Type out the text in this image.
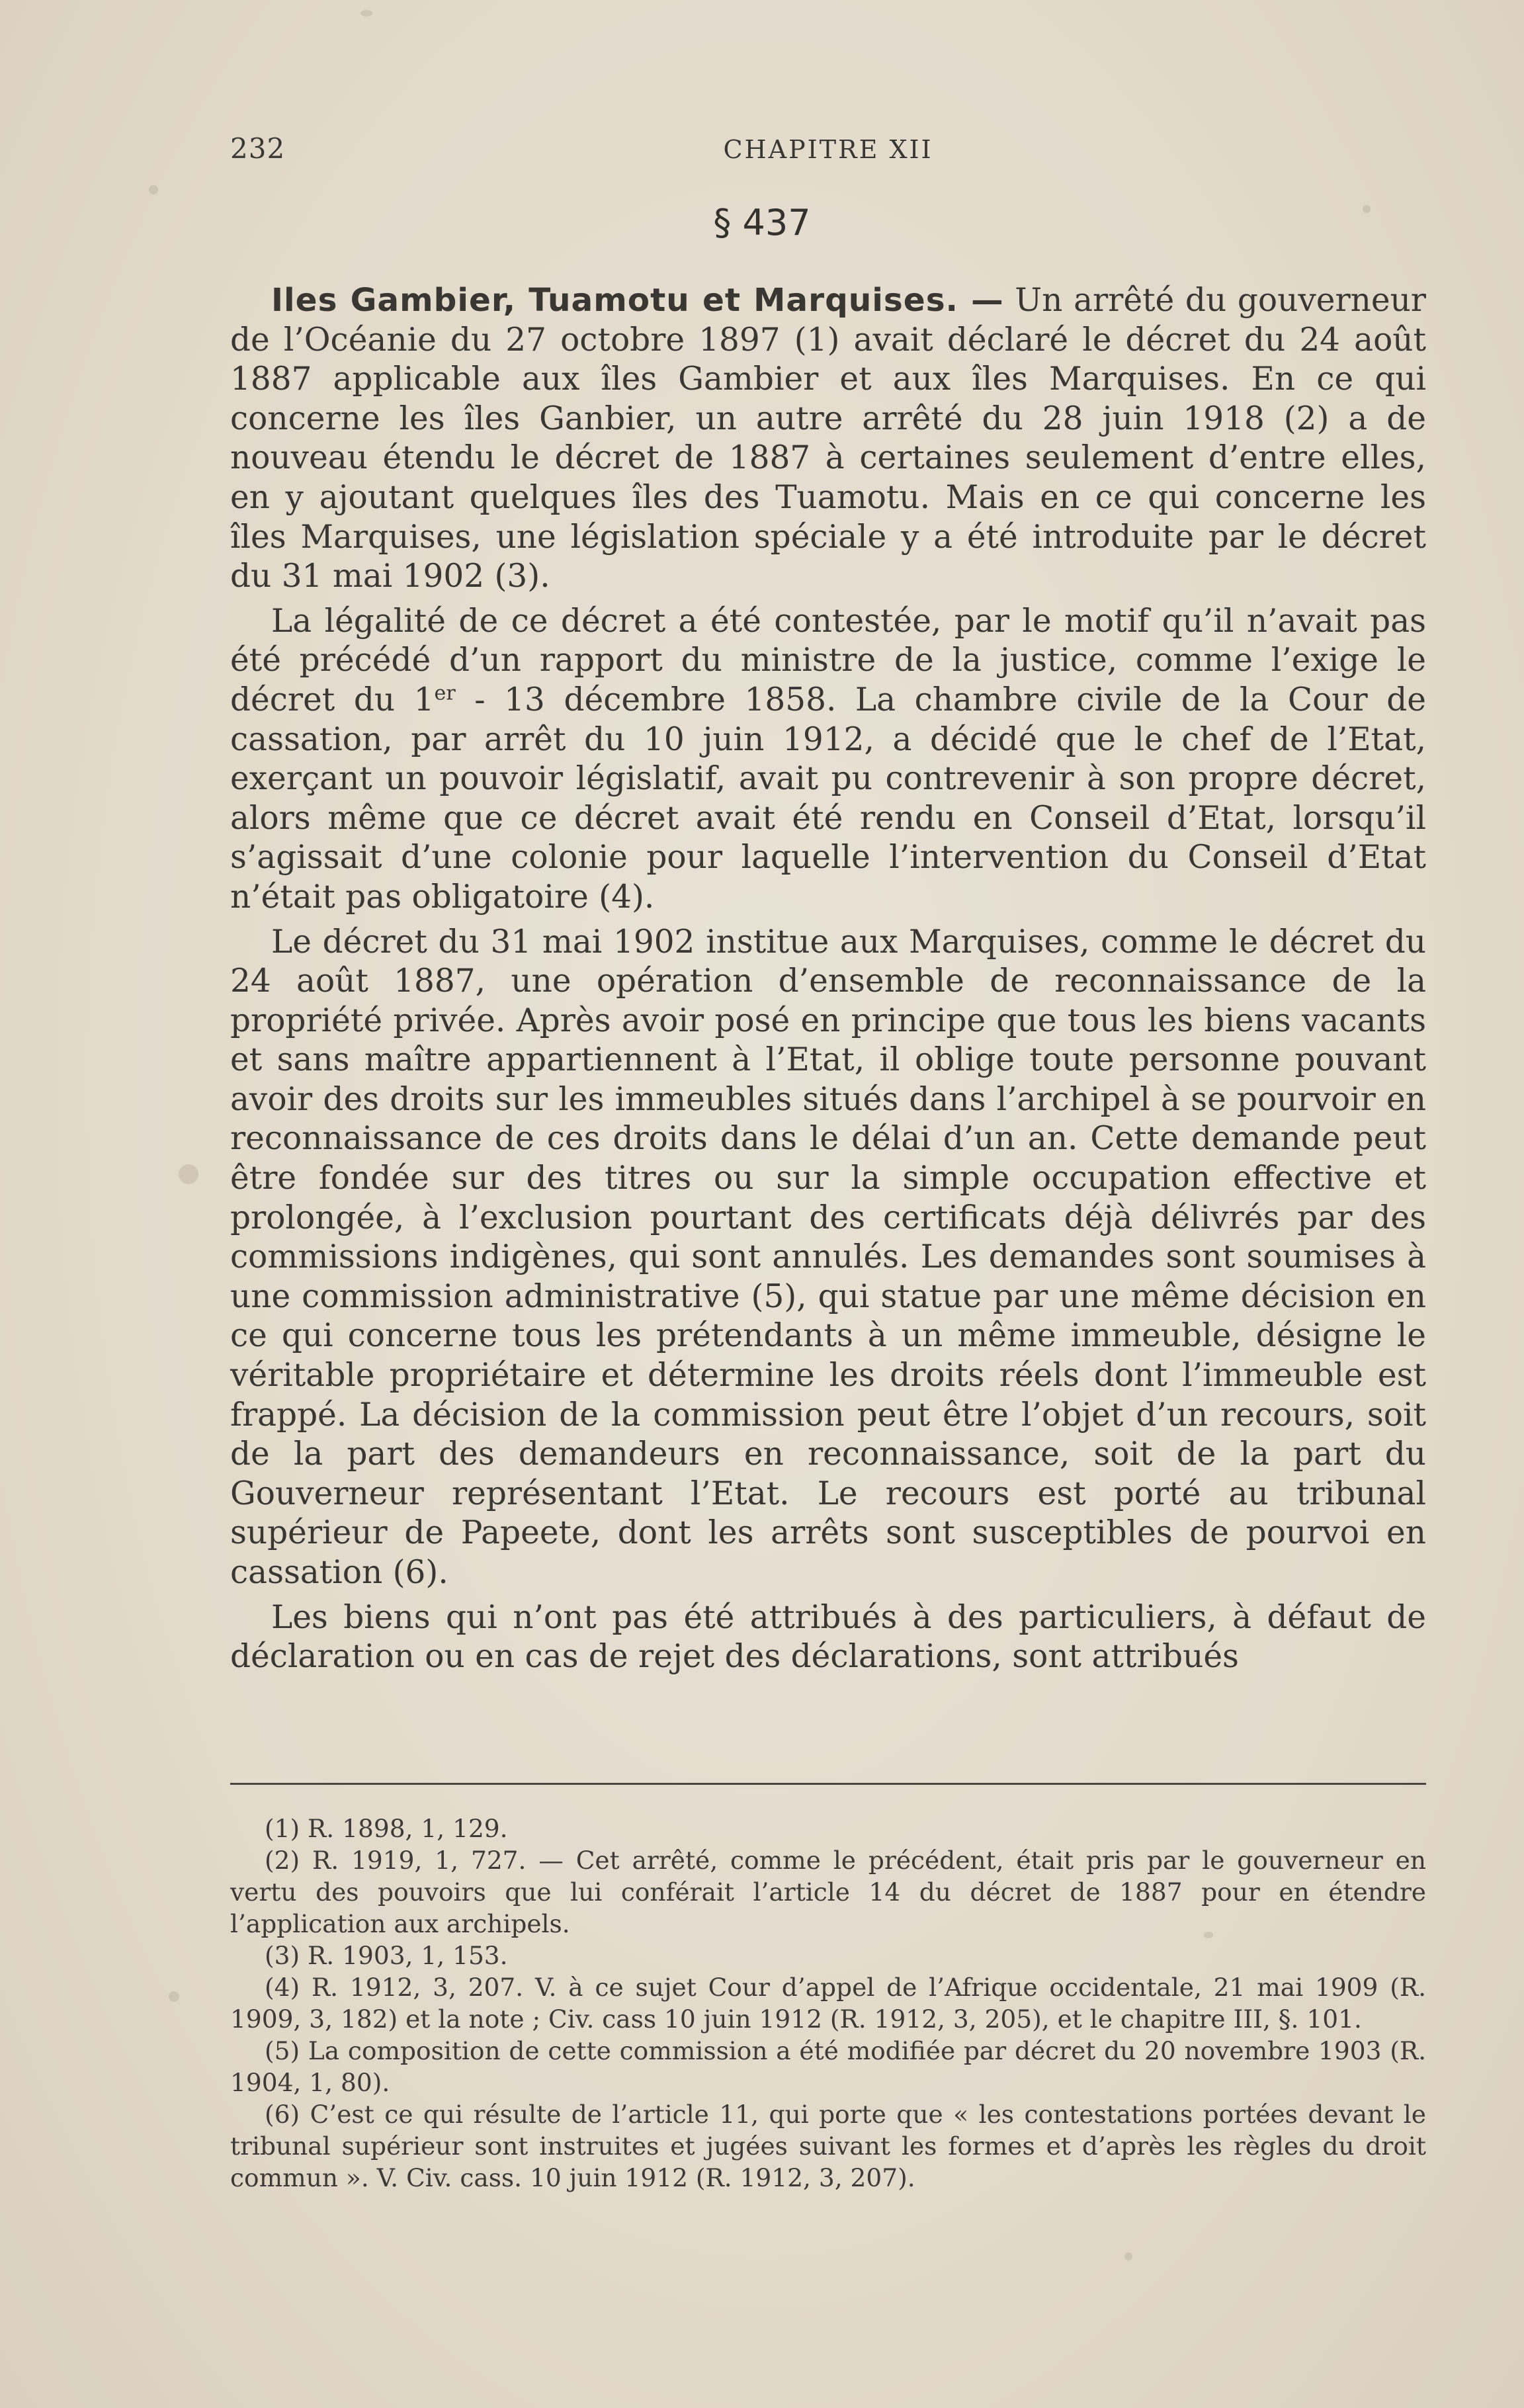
232	CHAPITRE XII
§ 437

Iles Gambier, Tuamotu et Marquises. — Un arrêté du gouverneur de l’Océanie du 27 octobre 1897 (1) avait déclaré le décret du 24 août 1887 applicable aux îles Gambier et aux îles Marquises. En ce qui concerne les îles Ganbier, un autre arrêté du 28 juin 1918 (2) a de nouveau étendu le décret de 1887 à certaines seulement d’entre elles, en y ajoutant quelques îles des Tuamotu. Mais en ce qui concerne les îles Marquises, une législation spéciale y a été introduite par le décret du 31 mai 1902 (3).

La légalité de ce décret a été contestée, par le motif qu’il n’avait pas été précédé d’un rapport du ministre de la justice, comme l’exige le décret du 1er - 13 décembre 1858. La chambre civile de la Cour de cassation, par arrêt du 10 juin 1912, a décidé que le chef de l’Etat, exerçant un pouvoir législatif, avait pu contrevenir à son propre décret, alors même que ce décret avait été rendu en Conseil d’Etat, lorsqu’il s’agissait d’une colonie pour laquelle l’intervention du Conseil d’Etat n’était pas obligatoire (4).

Le décret du 31 mai 1902 institue aux Marquises, comme le décret du 24 août 1887, une opération d’ensemble de reconnaissance de la propriété privée. Après avoir posé en principe que tous les biens vacants et sans maître appartiennent à l’Etat, il oblige toute personne pouvant avoir des droits sur les immeubles situés dans l’archipel à se pourvoir en reconnaissance de ces droits dans le délai d’un an. Cette demande peut être fondée sur des titres ou sur la simple occupation effective et prolongée, à l’exclusion pourtant des certificats déjà délivrés par des commissions indigènes, qui sont annulés. Les demandes sont soumises à une commission administrative (5), qui statue par une même décision en ce qui concerne tous les prétendants à un même immeuble, désigne le véritable propriétaire et détermine les droits réels dont l’immeuble est frappé. La décision de la commission peut être l’objet d’un recours, soit de la part des demandeurs en reconnaissance, soit de la part du Gouverneur représentant l’Etat. Le recours est porté au tribunal supérieur de Papeete, dont les arrêts sont susceptibles de pourvoi en cassation (6).

Les biens qui n’ont pas été attribués à des particuliers, à défaut de déclaration ou en cas de rejet des déclarations, sont attribués

(1) R. 1898, 1, 129.

(2) R. 1919, 1, 727. — Cet arrêté, comme le précédent, était pris par le gouverneur en vertu des pouvoirs que lui conférait l’article 14 du décret de 1887 pour en étendre l’application aux archipels.

(3) R. 1903, 1, 153.

(4) R. 1912, 3, 207. V. à ce sujet Cour d’appel de l’Afrique occidentale, 21 mai 1909 (R. 1909, 3, 182) et la note ; Civ. cass 10 juin 1912 (R. 1912, 3, 205), et le chapitre III, §. 101.

(5) La composition de cette commission a été modifiée par décret du 20 novembre 1903 (R. 1904, 1, 80).

(6) C’est ce qui résulte de l’article 11, qui porte que « les contestations portées devant le tribunal supérieur sont instruites et jugées suivant les formes et d’après les règles du droit commun ». V. Civ. cass. 10 juin 1912 (R. 1912, 3, 207).
